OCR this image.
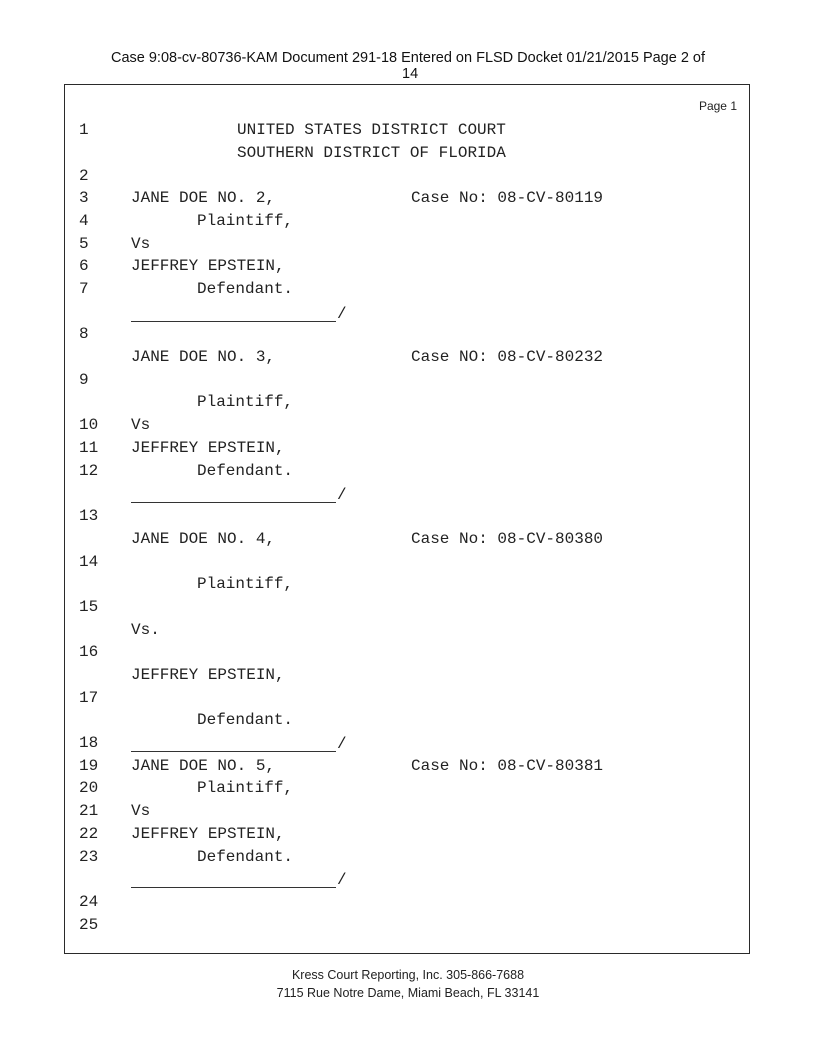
Case 9:08-cv-80736-KAM Document 291-18 Entered on FLSD Docket 01/21/2015 Page 2 of
14
Page 1
1
2
3
4
5
6
7
8
9
10
11
12
13
14
15
16
17
18
19
20
21
22
23
24
25
UNITED STATES DISTRICT COURT
SOUTHERN DISTRICT OF FLORIDA
JANE DOE NO. 2,	Case No: 08-CV-80119
Plaintiff,
Vs
JEFFREY EPSTEIN,
Defendant.
/
JANE DOE NO. 3,	Case NO: 08-CV-80232
Plaintiff,
Vs
JEFFREY EPSTEIN,
Defendant.
/
JANE DOE NO. 4,	Case No: 08-CV-80380
Plaintiff,
Vs.
JEFFREY EPSTEIN,
Defendant.
/
JANE DOE NO. 5,	Case No: 08-CV-80381
Plaintiff,
Vs
JEFFREY EPSTEIN,
Defendant.
/
Kress Court Reporting, Inc. 305-866-7688
7115 Rue Notre Dame, Miami Beach, FL 33141
